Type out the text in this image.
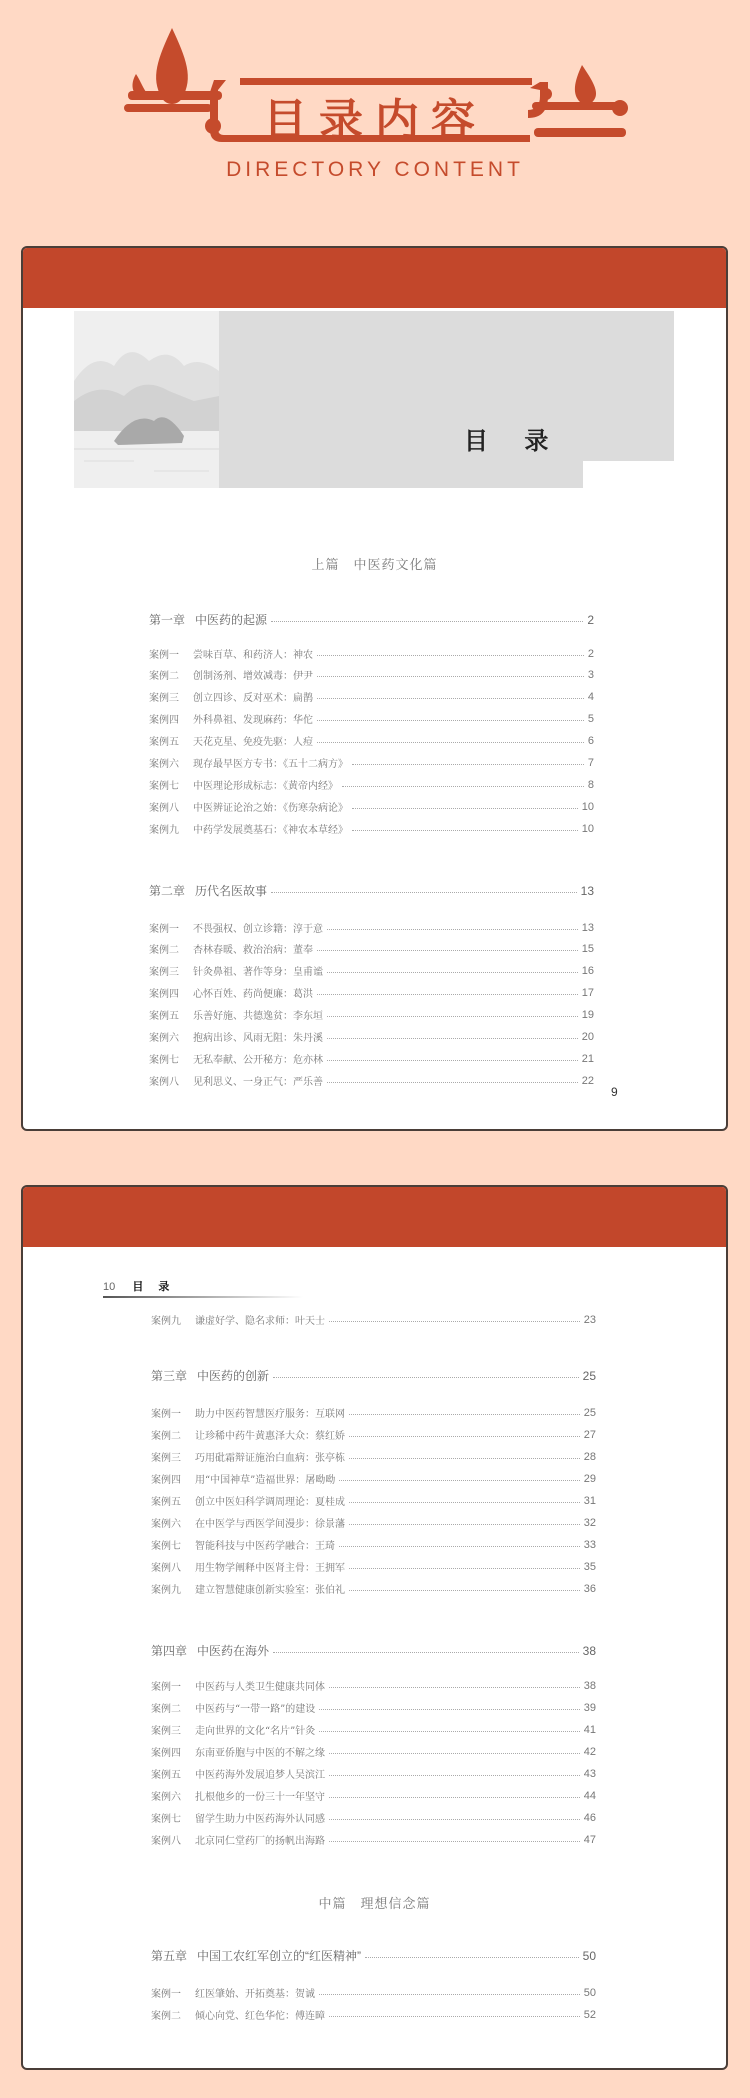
目录内容
DIRECTORY CONTENT
目 录
上篇　中医药文化篇
第一章 中医药的起源	2
案例一	尝味百草、和药济人：神农	2
案例二	创制汤剂、增效减毒：伊尹	3
案例三	创立四诊、反对巫术：扁鹊	4
案例四	外科鼻祖、发现麻药：华佗	5
案例五	天花克星、免疫先驱：人痘	6
案例六	现存最早医方专书：《五十二病方》	7
案例七	中医理论形成标志：《黄帝内经》	8
案例八	中医辨证论治之始：《伤寒杂病论》	10
案例九	中药学发展奠基石：《神农本草经》	10
第二章 历代名医故事	13
案例一	不畏强权、创立诊籍：淳于意	13
案例二	杏林春暖、救治治病：董奉	15
案例三	针灸鼻祖、著作等身：皇甫谧	16
案例四	心怀百姓、药尚便廉：葛洪	17
案例五	乐善好施、共德逸贫：李东垣	19
案例六	抱病出诊、风雨无阻：朱丹溪	20
案例七	无私奉献、公开秘方：危亦林	21
案例八	见利思义、一身正气：严乐善	22
9
10 目 录
中篇　理想信念篇
案例九	谦虚好学、隐名求师：叶天士	23
第三章 中医药的创新	25
案例一	助力中医药智慧医疗服务：互联网	25
案例二	让珍稀中药牛黄惠泽大众：蔡红娇	27
案例三	巧用砒霜辩证施治白血病：张亭栋	28
案例四	用“中国神草”造福世界：屠呦呦	29
案例五	创立中医妇科学调周理论：夏桂成	31
案例六	在中医学与西医学间漫步：徐景藩	32
案例七	智能科技与中医药学融合：王琦	33
案例八	用生物学阐释中医肾主骨：王拥军	35
案例九	建立智慧健康创新实验室：张伯礼	36
第四章 中医药在海外	38
案例一	中医药与人类卫生健康共同体	38
案例二	中医药与“一带一路”的建设	39
案例三	走向世界的文化“名片”针灸	41
案例四	东南亚侨胞与中医的不解之缘	42
案例五	中医药海外发展追梦人吴滨江	43
案例六	扎根他乡的一份三十一年坚守	44
案例七	留学生助力中医药海外认同感	46
案例八	北京同仁堂药厂的扬帆出海路	47
第五章 中国工农红军创立的“红医精神”	50
案例一	红医肇始、开拓奠基：贺诚	50
案例二	倾心向党、红色华佗：傅连暲	52
